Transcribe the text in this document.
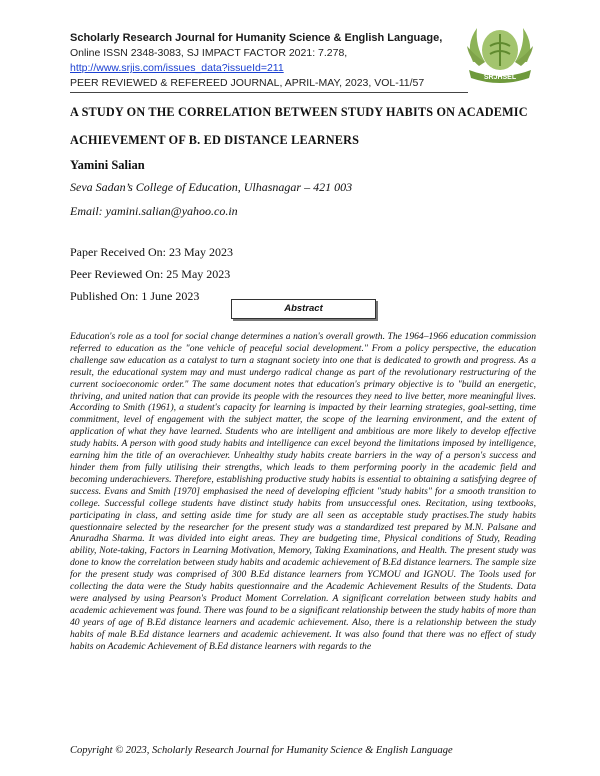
Scholarly Research Journal for Humanity Science & English Language,
Online ISSN 2348-3083, SJ IMPACT FACTOR 2021: 7.278,
http://www.srjis.com/issues_data?issueId=211
PEER REVIEWED & REFEREED JOURNAL, APRIL-MAY, 2023, VOL-11/57	SRJHSEL
A STUDY ON THE CORRELATION BETWEEN STUDY HABITS ON ACADEMIC ACHIEVEMENT OF B. ED DISTANCE LEARNERS
Yamini Salian
Seva Sadan’s College of Education, Ulhasnagar – 421 003
Email: yamini.salian@yahoo.co.in
Paper Received On: 23 May 2023
Peer Reviewed On: 25 May 2023
Published On: 1 June 2023
Abstract
Education's role as a tool for social change determines a nation's overall growth. The 1964–1966 education commission referred to education as the "one vehicle of peaceful social development." From a policy perspective, the education challenge saw education as a catalyst to turn a stagnant society into one that is dedicated to growth and progress. As a result, the educational system may and must undergo radical change as part of the revolutionary restructuring of the current socioeconomic order." The same document notes that education's primary objective is to "build an energetic, thriving, and united nation that can provide its people with the resources they need to live better, more meaningful lives. According to Smith (1961), a student's capacity for learning is impacted by their learning strategies, goal-setting, time commitment, level of engagement with the subject matter, the scope of the learning environment, and the extent of application of what they have learned. Students who are intelligent and ambitious are more likely to develop effective study habits. A person with good study habits and intelligence can excel beyond the limitations imposed by intelligence, earning him the title of an overachiever. Unhealthy study habits create barriers in the way of a person's success and hinder them from fully utilising their strengths, which leads to them performing poorly in the academic field and becoming underachievers. Therefore, establishing productive study habits is essential to obtaining a satisfying degree of success. Evans and Smith [1970] emphasised the need of developing efficient "study habits" for a smooth transition to college. Successful college students have distinct study habits from unsuccessful ones. Recitation, using textbooks, participating in class, and setting aside time for study are all seen as acceptable study practises.The study habits questionnaire selected by the researcher for the present study was a standardized test prepared by M.N. Palsane and Anuradha Sharma. It was divided into eight areas. They are budgeting time, Physical conditions of Study, Reading ability, Note-taking, Factors in Learning Motivation, Memory, Taking Examinations, and Health. The present study was done to know the correlation between study habits and academic achievement of B.Ed distance learners. The sample size for the present study was comprised of 300 B.Ed distance learners from YCMOU and IGNOU. The Tools used for collecting the data were the Study habits questionnaire and the Academic Achievement Results of the Students. Data were analysed by using Pearson's Product Moment Correlation. A significant correlation between study habits and academic achievement was found. There was found to be a significant relationship between the study habits of more than 40 years of age of B.Ed distance learners and academic achievement. Also, there is a relationship between the study habits of male B.Ed distance learners and academic achievement. It was also found that there was no effect of study habits on Academic Achievement of B.Ed distance learners with regards to the
Copyright © 2023, Scholarly Research Journal for Humanity Science & English Language
